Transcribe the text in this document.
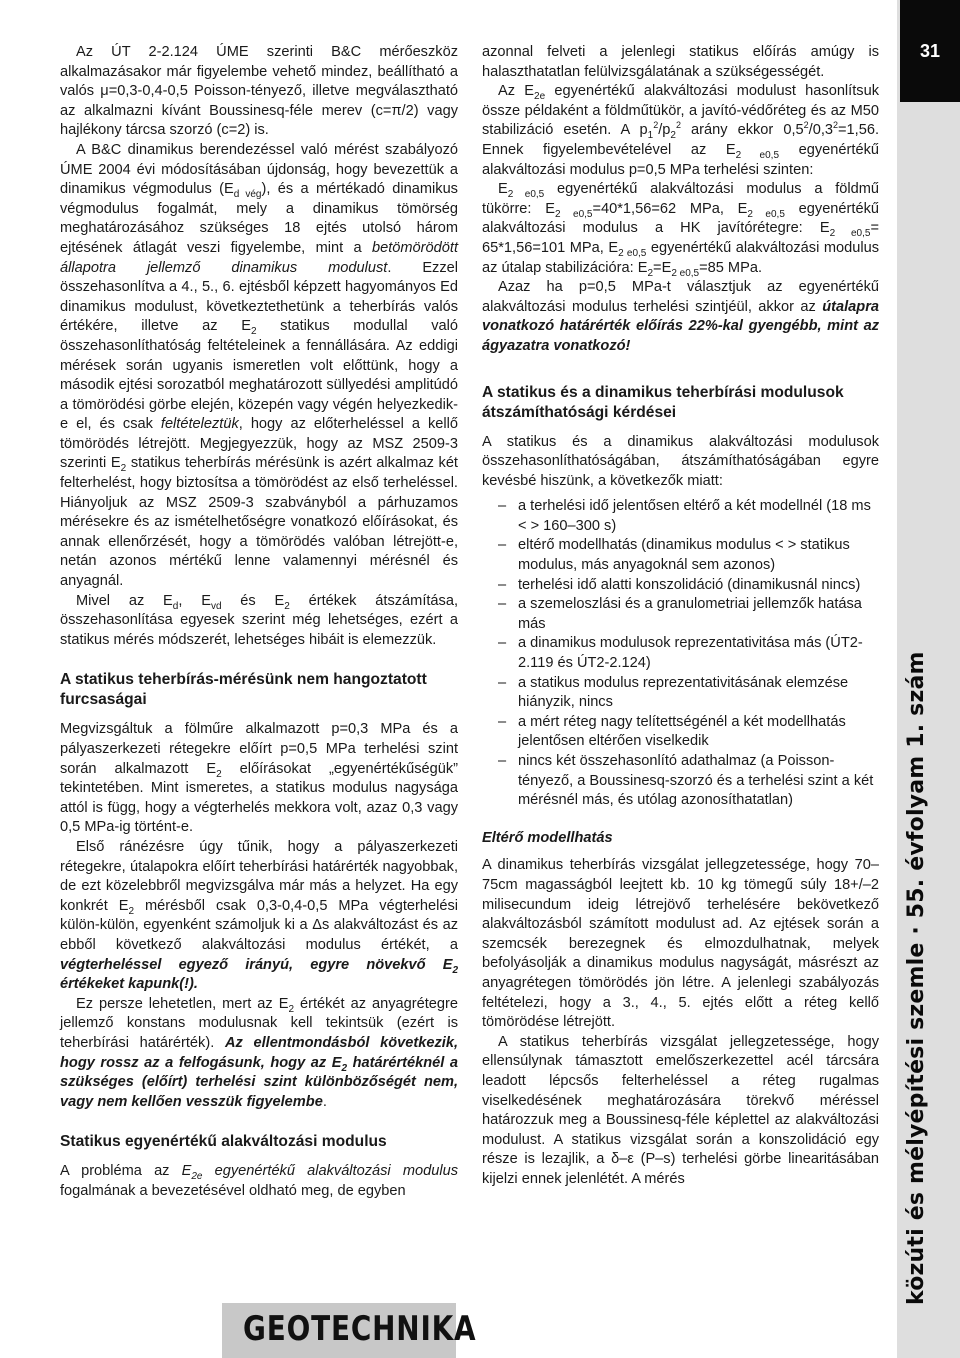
31
közúti és mélyépítési szemle · 55. évfolyam 1. szám

Az ÚT 2-2.124 ÚME szerinti B&C mérőeszköz alkalmazásakor már figyelembe vehető mindez, beállítható a valós μ=0,3-0,4-0,5 Poisson-tényező, illetve megválasztható az alkalmazni kívánt Boussinesq-féle merev (c=π/2) vagy hajlékony tárcsa szorzó (c=2) is.

A B&C dinamikus berendezéssel való mérést szabályozó ÚME 2004 évi módosításában újdonság, hogy bevezettük a dinamikus végmodulus $(E_{d vég})$, és a mértékadó dinamikus végmodulus fogalmát, mely a dinamikus tömörség meghatározásához szükséges 18 ejtés utolsó három ejtésének átlagát veszi figyelembe, mint a betömörödött állapotra jellemző dinamikus modulust. Ezzel összehasonlítva a 4., 5., 6. ejtésből képzett hagyományos Ed dinamikus modulust, következtethetünk a teherbírás valós értékére, illetve az $E_2$ statikus modullal való összehasonlíthatóság feltételeinek a fennállására. Az eddigi mérések során ugyanis ismeretlen volt előttünk, hogy a második ejtési sorozatból meghatározott süllyedési amplitúdó a tömörödési görbe elején, közepén vagy végén helyezkedik-e el, és csak feltételeztük, hogy az előterheléssel a kellő tömörödés létrejött. Megjegyezzük, hogy az MSZ 2509-3 szerinti $E_2$ statikus teherbírás mérésünk is azért alkalmaz két felterhelést, hogy biztosítsa a tömörödést az első terheléssel. Hiányoljuk az MSZ 2509-3 szabványból a párhuzamos mérésekre és az ismételhetőségre vonatkozó előírásokat, és annak ellenőrzését, hogy a tömörödés valóban létrejött-e, netán azonos mértékű lenne valamennyi mérésnél és anyagnál.

Mivel az $E_d$, $E_{vd}$ és $E_2$ értékek átszámítása, összehasonlítása egyesek szerint még lehetséges, ezért a statikus mérés módszerét, lehetséges hibáit is elemezzük.

A statikus teherbírás-mérésünk nem hangoztatott furcsaságai

Megvizsgáltuk a fölműre alkalmazott p=0,3 MPa és a pályaszerkezeti rétegekre előírt p=0,5 MPa terhelési szint során alkalmazott $E_2$ előírásokat „egyenértékűségük” tekintetében. Mint ismeretes, a statikus modulus nagysága attól is függ, hogy a végterhelés mekkora volt, azaz 0,3 vagy 0,5 MPa-ig történt-e.

Első ránézésre úgy tűnik, hogy a pályaszerkezeti rétegekre, útalapokra előírt teherbírási határérték nagyobbak, de ezt közelebbről megvizsgálva már más a helyzet. Ha egy konkrét $E_2$ mérésből csak 0,3-0,4-0,5 MPa végterhelési külön-külön, egyenként számoljuk ki a Δs alakváltozást és az ebből következő alakváltozási modulus értékét, a végterheléssel egyező irányú, egyre növekvő $E_2$ értékeket kapunk(!).

Ez persze lehetetlen, mert az $E_2$ értékét az anyagrétegre jellemző konstans modulusnak kell tekintsük (ezért is teherbírási határérték). Az ellentmondásból következik, hogy rossz az a felfogásunk, hogy az $E_2$ határértéknél a szükséges (előírt) terhelési szint különbözőségét nem, vagy nem kellően vesszük figyelembe.

Statikus egyenértékű alakváltozási modulus

A probléma az $E_{2e}$ egyenértékű alakváltozási modulus fogalmának a bevezetésével oldható meg, de egyben

azonnal felveti a jelenlegi statikus előírás amúgy is halaszthatatlan felülvizsgálatának a szükségességét.

Az $E_{2e}$ egyenértékű alakváltozási modulust hasonlítsuk össze példaként a földműtükör, a javító-védőréteg és az M50 stabilizáció esetén. A $p_1^2/p_2^2$ arány ekkor $0,5^2/0,3^2=1,56$. Ennek figyelembevételével az $E_{2 e0,5}$ egyenértékű alakváltozási modulus p=0,5 MPa terhelési szinten:

$E_{2 e0,5}$ egyenértékű alakváltozási modulus a földmű tükörre: $E_{2 e0,5}=40*1,56=62$ MPa, $E_{2 e0,5}$ egyenértékű alakváltozási modulus a HK javítórétegre: $E_{2 e0,5}= 65*1,56=101$ MPa, $E_{2 e0,5}$ egyenértékű alakváltozási modulus az útalap stabilizációra: $E_2=E_{2 e0,5}=85$ MPa.

Azaz ha p=0,5 MPa-t választjuk az egyenértékű alakváltozási modulus terhelési szintjéül, akkor az útalapra vonatkozó határérték előírás 22%-kal gyengébb, mint az ágyazatra vonatkozó!

A statikus és a dinamikus teherbírási modulusok átszámíthatósági kérdései

A statikus és a dinamikus alakváltozási modulusok összehasonlíthatóságában, átszámíthatóságában egyre kevésbé hiszünk, a következők miatt:

– a terhelési idő jelentősen eltérő a két modellnél (18 ms < > 160–300 s)
– eltérő modellhatás (dinamikus modulus < > statikus modulus, más anyagoknál sem azonos)
– terhelési idő alatti konszolidáció (dinamikusnál nincs)
– a szemeloszlási és a granulometriai jellemzők hatása más
– a dinamikus modulusok reprezentativitása más (ÚT2-2.119 és ÚT2-2.124)
– a statikus modulus reprezentativitásának elemzése hiányzik, nincs
– a mért réteg nagy telítettségénél a két modellhatás jelentősen eltérően viselkedik
– nincs két összehasonlító adathalmaz (a Poisson-tényező, a Boussinesq-szorzó és a terhelési szint a két mérésnél más, és utólag azonosíthatatlan)
Eltérő modellhatás

A dinamikus teherbírás vizsgálat jellegzetessége, hogy 70–75cm magasságból leejtett kb. 10 kg tömegű súly 18+/–2 milisecundum ideig létrejövő terhelésére bekövetkező alakváltozásból számított modulust ad. Az ejtések során a szemcsék berezegnek és elmozdulhatnak, melyek befolyásolják a dinamikus modulus nagyságát, másrészt az anyagrétegen tömörödés jön létre. A jelenlegi szabályozás feltételezi, hogy a 3., 4., 5. ejtés előtt a réteg kellő tömörödése létrejött.

A statikus teherbírás vizsgálat jellegzetessége, hogy ellensúlynak támasztott emelőszerkezettel acél tárcsára leadott lépcsős felterheléssel a réteg rugalmas viselkedésének meghatározására törekvő méréssel határozzuk meg a Boussinesq-féle képlettel az alakváltozási modulust. A statikus vizsgálat során a konszolidáció egy része is lezajlik, a δ–ε (P–s) terhelési görbe linearitásában kijelzi ennek jelenlétét. A mérés

GEOTECHNIKA
